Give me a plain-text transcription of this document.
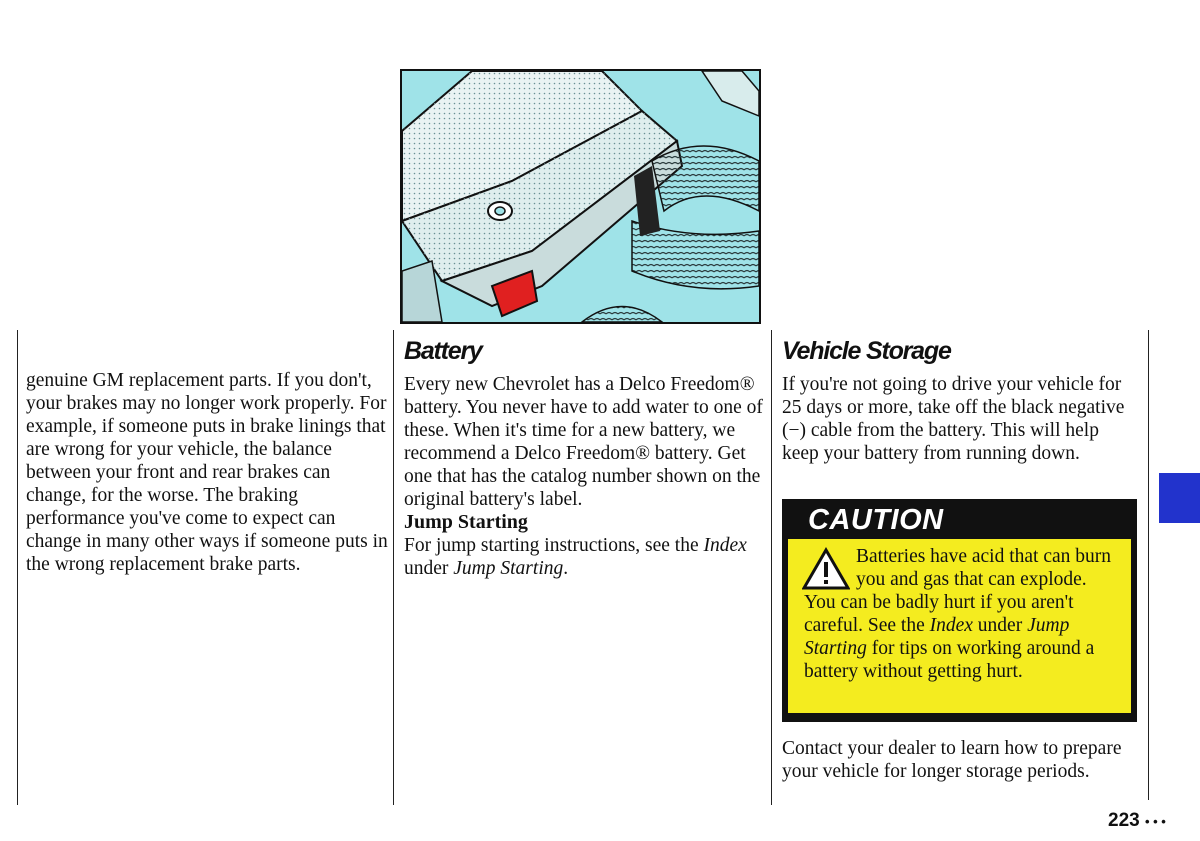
genuine GM replacement parts. If you don't, your brakes may no longer work properly. For example, if someone puts in brake linings that are wrong for your vehicle, the balance between your front and rear brakes can change, for the worse. The braking performance you've come to expect can change in many other ways if someone puts in the wrong replacement brake parts.

Battery

Every new Chevrolet has a Delco Freedom® battery. You never have to add water to one of these. When it's time for a new battery, we recommend a Delco Freedom® battery. Get one that has the catalog number shown on the original battery's label.

Jump Starting

For jump starting instructions, see the Index under Jump Starting.

Vehicle Storage

If you're not going to drive your vehicle for 25 days or more, take off the black negative (−) cable from the battery. This will help keep your battery from running down.

CAUTION
Batteries have acid that can burn you and gas that can explode. You can be badly hurt if you aren't careful. See the Index under Jump Starting for tips on working around a battery without getting hurt.

Contact your dealer to learn how to prepare your vehicle for longer storage periods.

223 • • •
